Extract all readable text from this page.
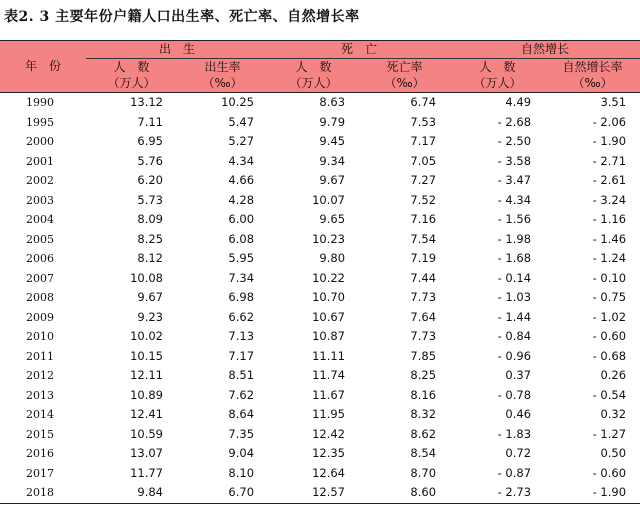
表2. 3 主要年份户籍人口出生率、死亡率、自然增长率
年　份	出　生		死　亡		自然增长	
	人　数	出生率	人　数	死亡率	人　数	自然增长率
	（万人）	（‰）	（万人）	（‰）	（万人）	（‰）
1990	13.12	10.25	8.63	6.74	4.49	3.51
1995	7.11	5.47	9.79	7.53	- 2.68	- 2.06
2000	6.95	5.27	9.45	7.17	- 2.50	- 1.90
2001	5.76	4.34	9.34	7.05	- 3.58	- 2.71
2002	6.20	4.66	9.67	7.27	- 3.47	- 2.61
2003	5.73	4.28	10.07	7.52	- 4.34	- 3.24
2004	8.09	6.00	9.65	7.16	- 1.56	- 1.16
2005	8.25	6.08	10.23	7.54	- 1.98	- 1.46
2006	8.12	5.95	9.80	7.19	- 1.68	- 1.24
2007	10.08	7.34	10.22	7.44	- 0.14	- 0.10
2008	9.67	6.98	10.70	7.73	- 1.03	- 0.75
2009	9.23	6.62	10.67	7.64	- 1.44	- 1.02
2010	10.02	7.13	10.87	7.73	- 0.84	- 0.60
2011	10.15	7.17	11.11	7.85	- 0.96	- 0.68
2012	12.11	8.51	11.74	8.25	0.37	0.26
2013	10.89	7.62	11.67	8.16	- 0.78	- 0.54
2014	12.41	8.64	11.95	8.32	0.46	0.32
2015	10.59	7.35	12.42	8.62	- 1.83	- 1.27
2016	13.07	9.04	12.35	8.54	0.72	0.50
2017	11.77	8.10	12.64	8.70	- 0.87	- 0.60
2018	9.84	6.70	12.57	8.60	- 2.73	- 1.90
